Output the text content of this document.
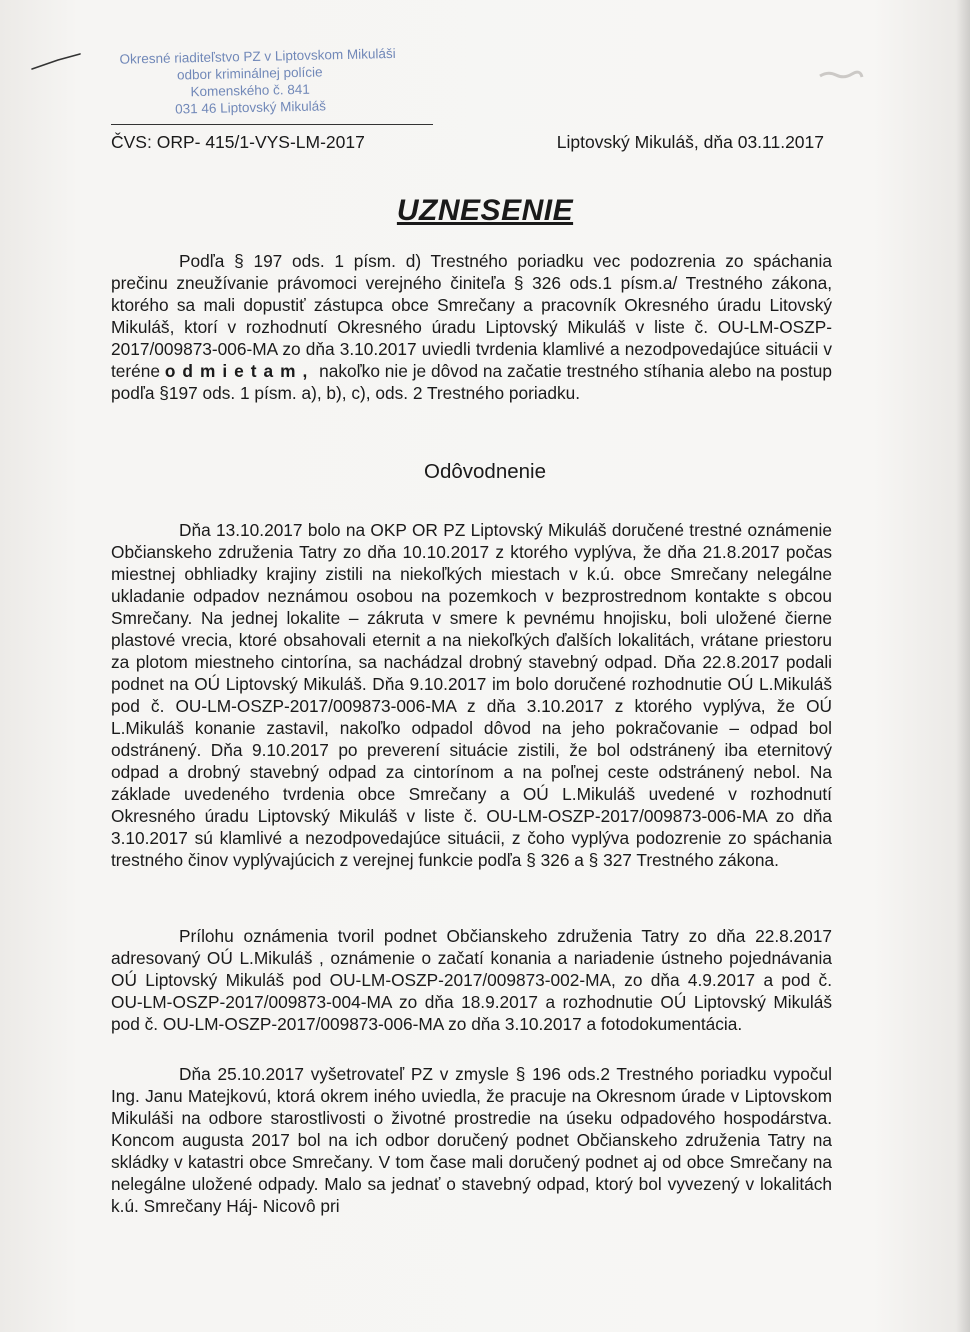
Okresné riaditeľstvo PZ v Liptovskom Mikuláši
odbor kriminálnej polície
Komenského č. 841
031 46 Liptovský Mikuláš
ČVS: ORP- 415/1-VYS-LM-2017	Liptovský Mikuláš, dňa 03.11.2017
UZNESENIE

Podľa § 197 ods. 1 písm. d) Trestného poriadku vec podozrenia zo spáchania prečinu zneužívanie právomoci verejného činiteľa § 326 ods.1 písm.a/ Trestného zákona, ktorého sa mali dopustiť zástupca obce Smrečany a pracovník Okresného úradu Litovský Mikuláš, ktorí v rozhodnutí Okresného úradu Liptovský Mikuláš v liste č. OU-LM-OSZP-2017/009873-006-MA zo dňa 3.10.2017 uviedli tvrdenia klamlivé a nezodpovedajúce situácii v teréne odmietam, nakoľko nie je dôvod na začatie trestného stíhania alebo na postup podľa §197 ods. 1 písm. a), b), c), ods. 2 Trestného poriadku.

Odôvodnenie

Dňa 13.10.2017 bolo na OKP OR PZ Liptovský Mikuláš doručené trestné oznámenie Občianskeho združenia Tatry zo dňa 10.10.2017 z ktorého vyplýva, že dňa 21.8.2017 počas miestnej obhliadky krajiny zistili na niekoľkých miestach v k.ú. obce Smrečany nelegálne ukladanie odpadov neznámou osobou na pozemkoch v bezprostrednom kontakte s obcou Smrečany. Na jednej lokalite – zákruta v smere k pevnému hnojisku, boli uložené čierne plastové vrecia, ktoré obsahovali eternit a na niekoľkých ďalších lokalitách, vrátane priestoru za plotom miestneho cintorína, sa nachádzal drobný stavebný odpad. Dňa 22.8.2017 podali podnet na OÚ Liptovský Mikuláš. Dňa 9.10.2017 im bolo doručené rozhodnutie OÚ L.Mikuláš pod č. OU-LM-OSZP-2017/009873-006-MA z dňa 3.10.2017 z ktorého vyplýva, že OÚ L.Mikuláš konanie zastavil, nakoľko odpadol dôvod na jeho pokračovanie – odpad bol odstránený. Dňa 9.10.2017 po preverení situácie zistili, že bol odstránený iba eternitový odpad a drobný stavebný odpad za cintorínom a na poľnej ceste odstránený nebol. Na základe uvedeného tvrdenia obce Smrečany a OÚ L.Mikuláš uvedené v rozhodnutí Okresného úradu Liptovský Mikuláš v liste č. OU-LM-OSZP-2017/009873-006-MA zo dňa 3.10.2017 sú klamlivé a nezodpovedajúce situácii, z čoho vyplýva podozrenie zo spáchania trestného činov vyplývajúcich z verejnej funkcie podľa § 326 a § 327 Trestného zákona.

Prílohu oznámenia tvoril podnet Občianskeho združenia Tatry zo dňa 22.8.2017 adresovaný OÚ L.Mikuláš , oznámenie o začatí konania a nariadenie ústneho pojednávania OÚ Liptovský Mikuláš pod OU-LM-OSZP-2017/009873-002-MA, zo dňa 4.9.2017 a pod č. OU-LM-OSZP-2017/009873-004-MA zo dňa 18.9.2017 a rozhodnutie OÚ Liptovský Mikuláš pod č. OU-LM-OSZP-2017/009873-006-MA zo dňa 3.10.2017 a fotodokumentácia.

Dňa 25.10.2017 vyšetrovateľ PZ v zmysle § 196 ods.2 Trestného poriadku vypočul Ing. Janu Matejkovú, ktorá okrem iného uviedla, že pracuje na Okresnom úrade v Liptovskom Mikuláši na odbore starostlivosti o životné prostredie na úseku odpadového hospodárstva. Koncom augusta 2017 bol na ich odbor doručený podnet Občianskeho združenia Tatry na skládky v katastri obce Smrečany. V tom čase mali doručený podnet aj od obce Smrečany na nelegálne uložené odpady. Malo sa jednať o stavebný odpad, ktorý bol vyvezený v lokalitách k.ú. Smrečany Háj- Nicovô pri
